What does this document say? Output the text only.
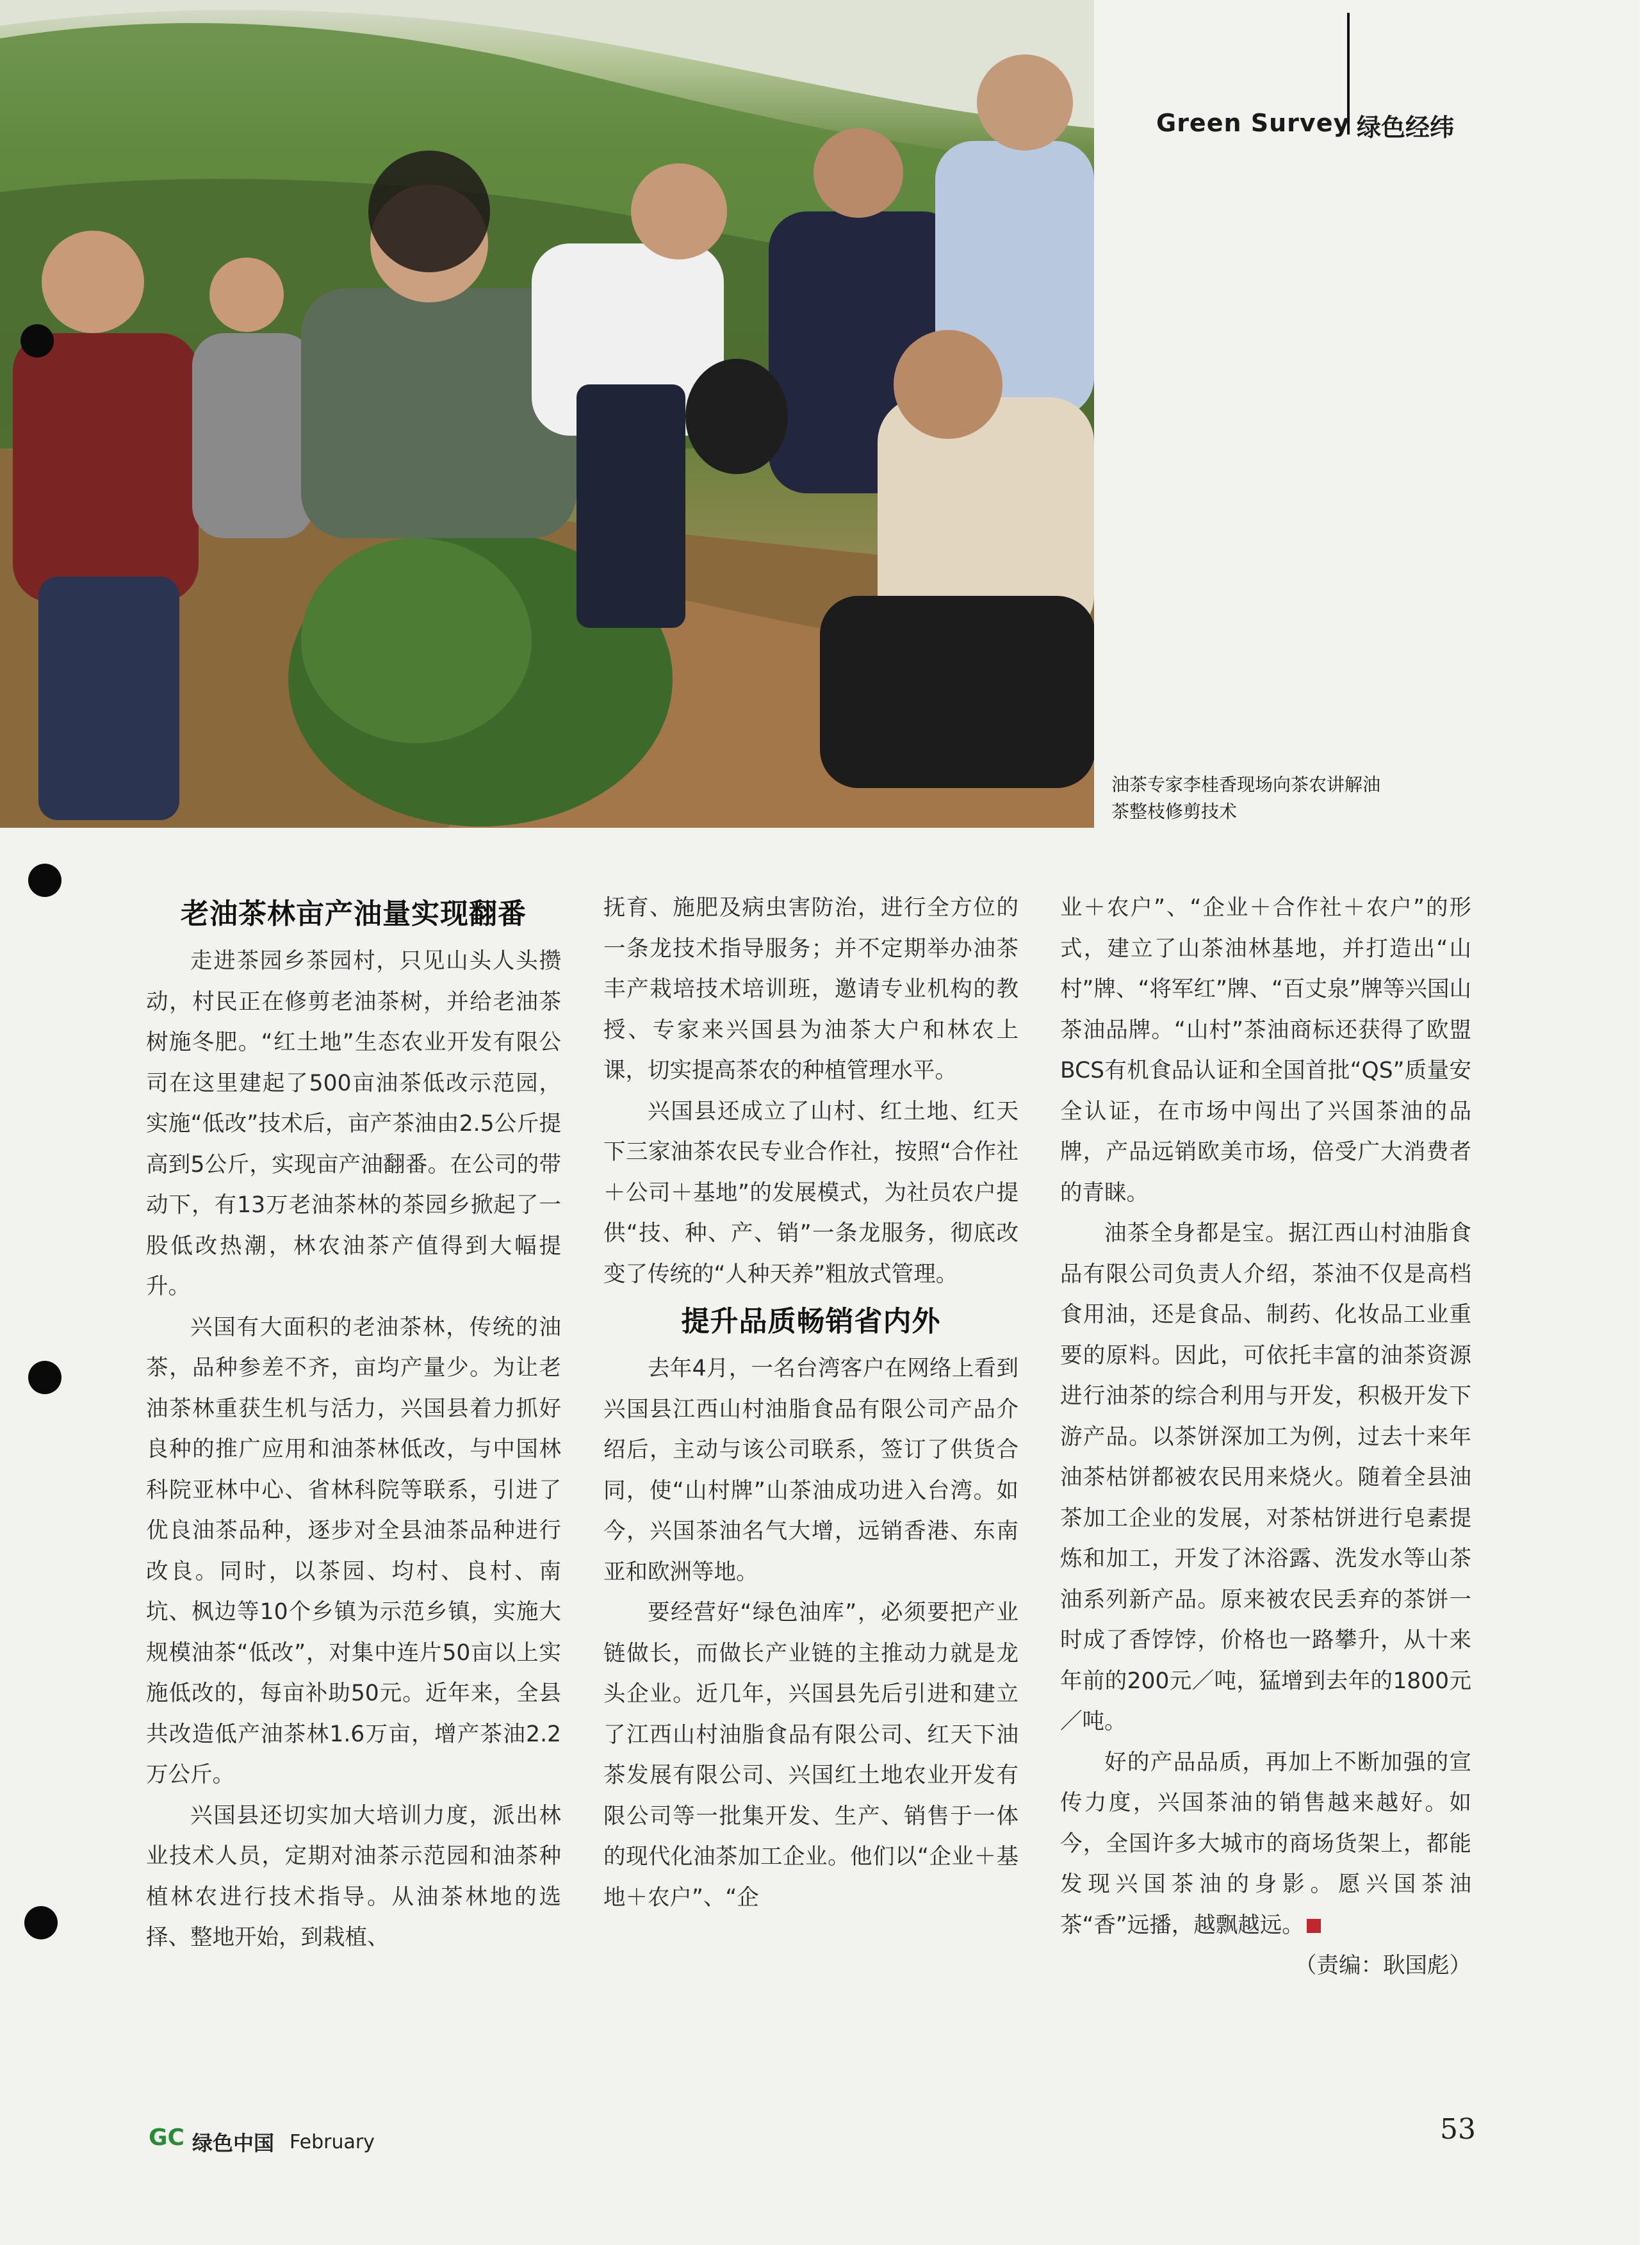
Green Survey 绿色经纬
油茶专家李桂香现场向茶农讲解油茶整枝修剪技术
老油茶林亩产油量实现翻番

走进茶园乡茶园村，只见山头人头攒动，村民正在修剪老油茶树，并给老油茶树施冬肥。“红土地”生态农业开发有限公司在这里建起了500亩油茶低改示范园，实施“低改”技术后，亩产茶油由2.5公斤提高到5公斤，实现亩产油翻番。在公司的带动下，有13万老油茶林的茶园乡掀起了一股低改热潮，林农油茶产值得到大幅提升。

兴国有大面积的老油茶林，传统的油茶，品种参差不齐，亩均产量少。为让老油茶林重获生机与活力，兴国县着力抓好良种的推广应用和油茶林低改，与中国林科院亚林中心、省林科院等联系，引进了优良油茶品种，逐步对全县油茶品种进行改良。同时，以茶园、均村、良村、南坑、枫边等10个乡镇为示范乡镇，实施大规模油茶“低改”，对集中连片50亩以上实施低改的，每亩补助50元。近年来，全县共改造低产油茶林1.6万亩，增产茶油2.2万公斤。

兴国县还切实加大培训力度，派出林业技术人员，定期对油茶示范园和油茶种植林农进行技术指导。从油茶林地的选择、整地开始，到栽植、

抚育、施肥及病虫害防治，进行全方位的一条龙技术指导服务；并不定期举办油茶丰产栽培技术培训班，邀请专业机构的教授、专家来兴国县为油茶大户和林农上课，切实提高茶农的种植管理水平。

兴国县还成立了山村、红土地、红天下三家油茶农民专业合作社，按照“合作社＋公司＋基地”的发展模式，为社员农户提供“技、种、产、销”一条龙服务，彻底改变了传统的“人种天养”粗放式管理。

提升品质畅销省内外

去年4月，一名台湾客户在网络上看到兴国县江西山村油脂食品有限公司产品介绍后，主动与该公司联系，签订了供货合同，使“山村牌”山茶油成功进入台湾。如今，兴国茶油名气大增，远销香港、东南亚和欧洲等地。

要经营好“绿色油库”，必须要把产业链做长，而做长产业链的主推动力就是龙头企业。近几年，兴国县先后引进和建立了江西山村油脂食品有限公司、红天下油茶发展有限公司、兴国红土地农业开发有限公司等一批集开发、生产、销售于一体的现代化油茶加工企业。他们以“企业＋基地＋农户”、“企

业＋农户”、“企业＋合作社＋农户”的形式，建立了山茶油林基地，并打造出“山村”牌、“将军红”牌、“百丈泉”牌等兴国山茶油品牌。“山村”茶油商标还获得了欧盟BCS有机食品认证和全国首批“QS”质量安全认证，在市场中闯出了兴国茶油的品牌，产品远销欧美市场，倍受广大消费者的青睐。

油茶全身都是宝。据江西山村油脂食品有限公司负责人介绍，茶油不仅是高档食用油，还是食品、制药、化妆品工业重要的原料。因此，可依托丰富的油茶资源进行油茶的综合利用与开发，积极开发下游产品。以茶饼深加工为例，过去十来年油茶枯饼都被农民用来烧火。随着全县油茶加工企业的发展，对茶枯饼进行皂素提炼和加工，开发了沐浴露、洗发水等山茶油系列新产品。原来被农民丢弃的茶饼一时成了香饽饽，价格也一路攀升，从十来年前的200元／吨，猛增到去年的1800元／吨。

好的产品品质，再加上不断加强的宣传力度，兴国茶油的销售越来越好。如今，全国许多大城市的商场货架上，都能发现兴国茶油的身影。愿兴国茶油茶“香”远播，越飘越远。

（责编：耿国彪）

GC 绿色中国 February	53
